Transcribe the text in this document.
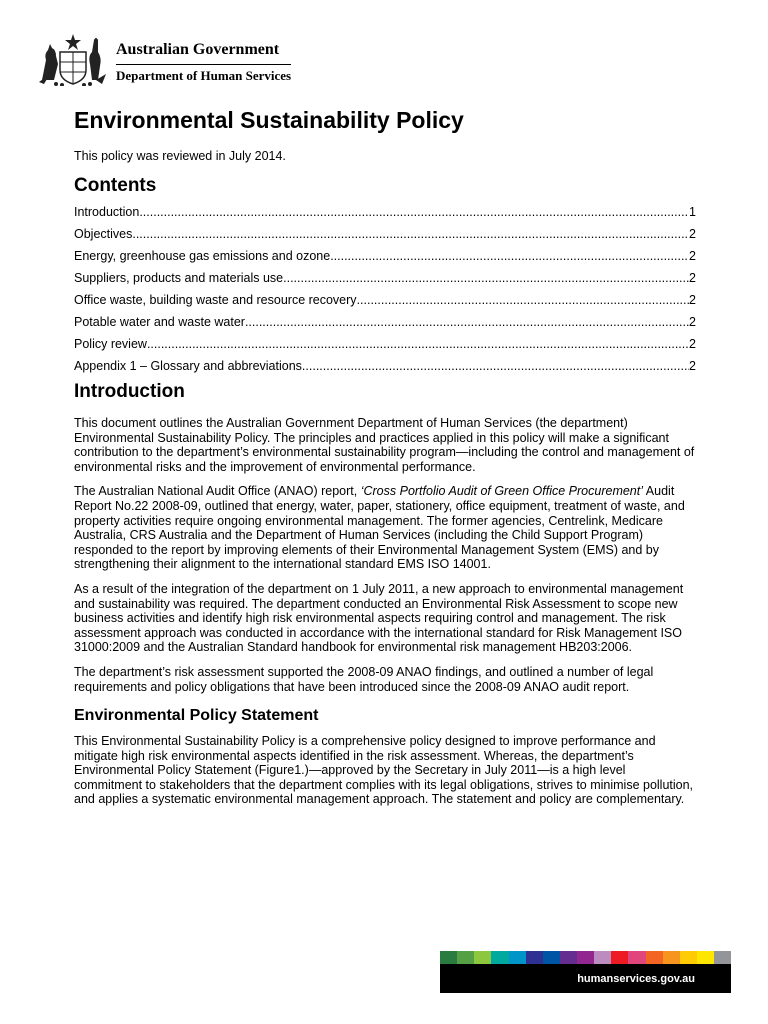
Australian Government
Department of Human Services
Environmental Sustainability Policy

This policy was reviewed in July 2014.

Contents
Introduction .....	1
Objectives .....	2
Energy, greenhouse gas emissions and ozone .....	2
Suppliers, products and materials use .....	2
Office waste, building waste and resource recovery .....	2
Potable water and waste water .....	2
Policy review .....	2
Appendix 1 – Glossary and abbreviations .....	2
Introduction

This document outlines the Australian Government Department of Human Services (the department) Environmental Sustainability Policy. The principles and practices applied in this policy will make a significant contribution to the department’s environmental sustainability program—including the control and management of environmental risks and the improvement of environmental performance.

The Australian National Audit Office (ANAO) report, ‘Cross Portfolio Audit of Green Office Procurement’ Audit Report No.22 2008-09, outlined that energy, water, paper, stationery, office equipment, treatment of waste, and property activities require ongoing environmental management. The former agencies, Centrelink, Medicare Australia, CRS Australia and the Department of Human Services (including the Child Support Program) responded to the report by improving elements of their Environmental Management System (EMS) and by strengthening their alignment to the international standard EMS ISO 14001.

As a result of the integration of the department on 1 July 2011, a new approach to environmental management and sustainability was required. The department conducted an Environmental Risk Assessment to scope new business activities and identify high risk environmental aspects requiring control and management. The risk assessment approach was conducted in accordance with the international standard for Risk Management ISO 31000:2009 and the Australian Standard handbook for environmental risk management HB203:2006.

The department’s risk assessment supported the 2008-09 ANAO findings, and outlined a number of legal requirements and policy obligations that have been introduced since the 2008-09 ANAO audit report.

Environmental Policy Statement

This Environmental Sustainability Policy is a comprehensive policy designed to improve performance and mitigate high risk environmental aspects identified in the risk assessment. Whereas, the department’s Environmental Policy Statement (Figure1.)—approved by the Secretary in July 2011—is a high level commitment to stakeholders that the department complies with its legal obligations, strives to minimise pollution, and applies a systematic environmental management approach. The statement and policy are complementary.

humanservices.gov.au
